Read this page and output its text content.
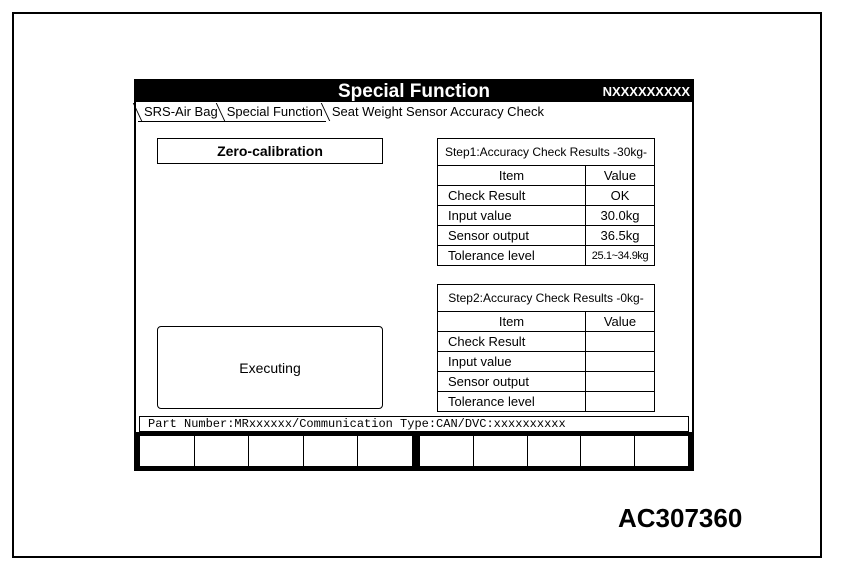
Special Function	NXXXXXXXXX
SRS-Air Bag Special Function Seat Weight Sensor Accuracy Check
Zero-calibration
Executing
Step1:Accuracy Check Results -30kg-
Item	Value
Check Result	OK
Input value	30.0kg
Sensor output	36.5kg
Tolerance level	25.1~34.9kg
Step2:Accuracy Check Results -0kg-
Item	Value
Check Result	
Input value	
Sensor output	
Tolerance level	
Part Number:MRxxxxxx/Communication Type:CAN/DVC:xxxxxxxxxx
AC307360
